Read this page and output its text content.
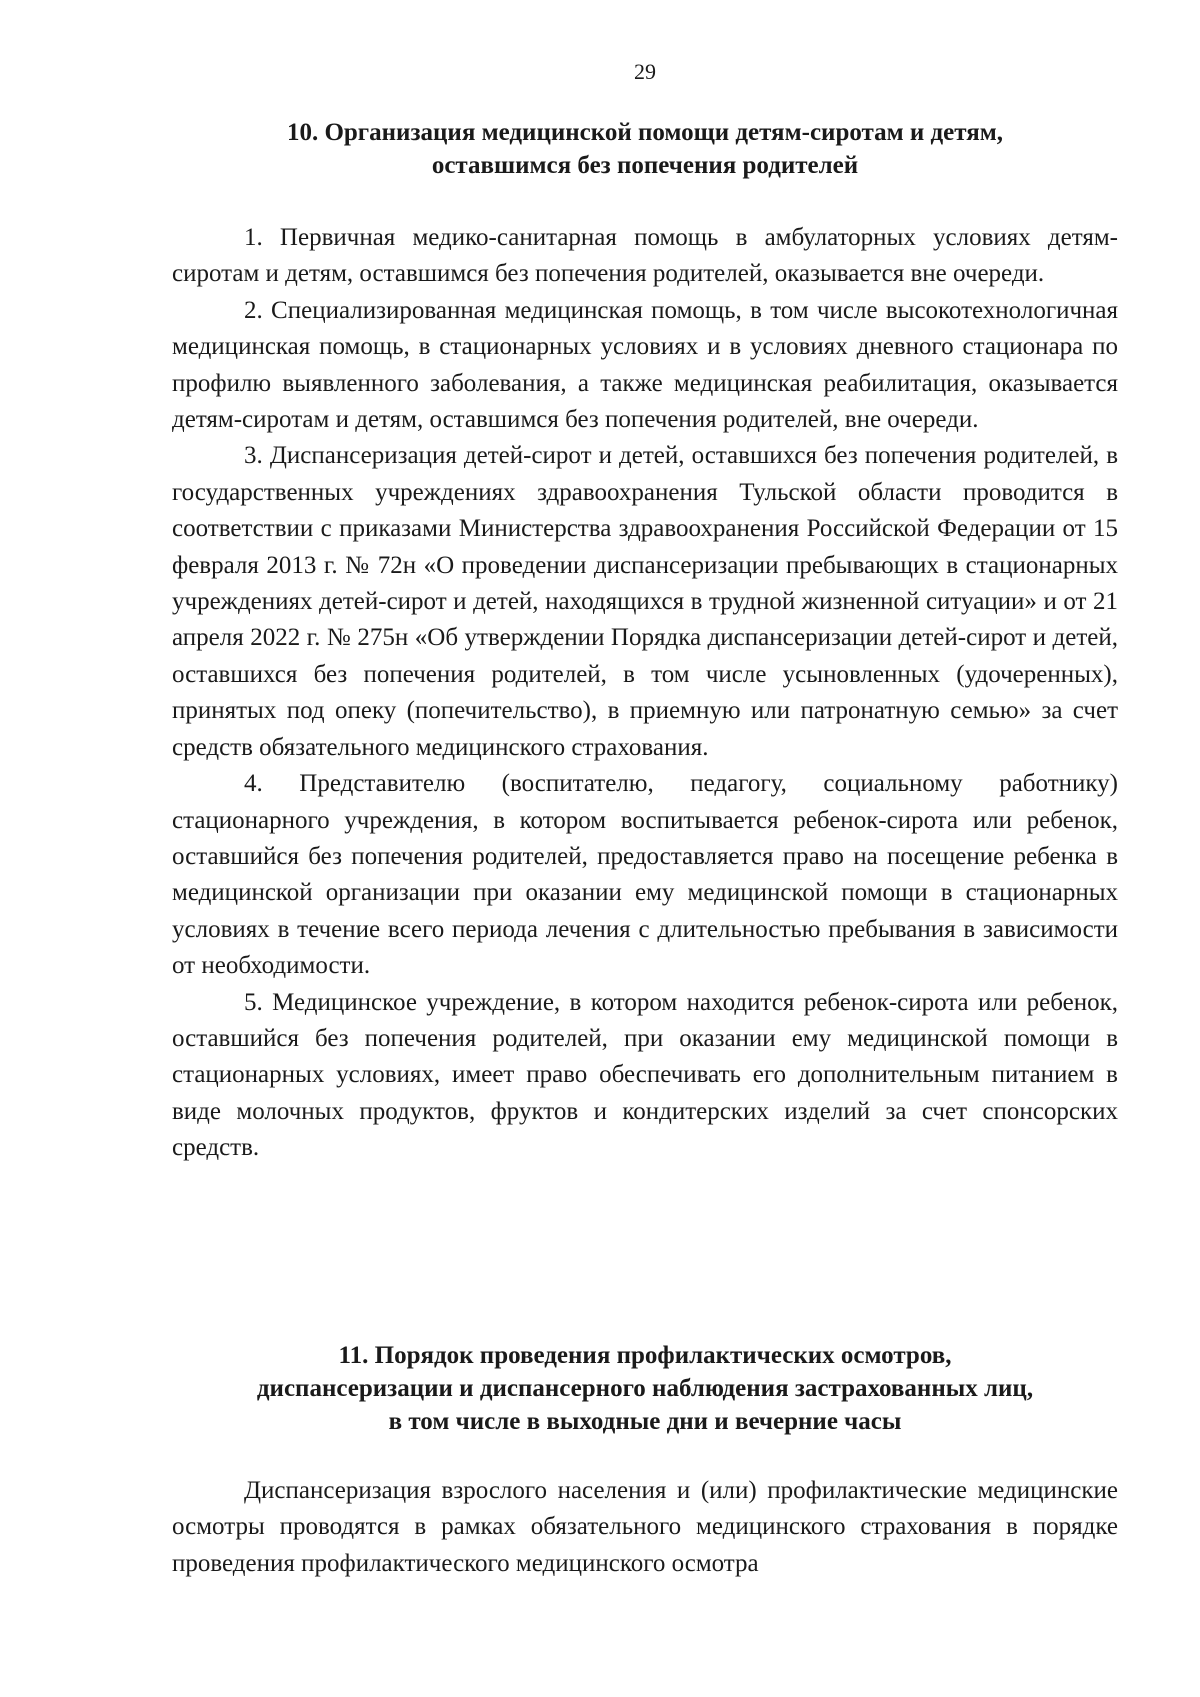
29
10. Организация медицинской помощи детям-сиротам и детям,
оставшимся без попечения родителей

1. Первичная медико-санитарная помощь в амбулаторных условиях детям-сиротам и детям, оставшимся без попечения родителей, оказывается вне очереди.

2. Специализированная медицинская помощь, в том числе высокотехнологичная медицинская помощь, в стационарных условиях и в условиях дневного стационара по профилю выявленного заболевания, а также медицинская реабилитация, оказывается детям-сиротам и детям, оставшимся без попечения родителей, вне очереди.

3. Диспансеризация детей-сирот и детей, оставшихся без попечения родителей, в государственных учреждениях здравоохранения Тульской области проводится в соответствии с приказами Министерства здравоохранения Российской Федерации от 15 февраля 2013 г. № 72н «О проведении диспансеризации пребывающих в стационарных учреждениях детей-сирот и детей, находящихся в трудной жизненной ситуации» и от 21 апреля 2022 г. № 275н «Об утверждении Порядка диспансеризации детей-сирот и детей, оставшихся без попечения родителей, в том числе усыновленных (удочеренных), принятых под опеку (попечительство), в приемную или патронатную семью» за счет средств обязательного медицинского страхования.

4. Представителю (воспитателю, педагогу, социальному работнику) стационарного учреждения, в котором воспитывается ребенок-сирота или ребенок, оставшийся без попечения родителей, предоставляется право на посещение ребенка в медицинской организации при оказании ему медицинской помощи в стационарных условиях в течение всего периода лечения с длительностью пребывания в зависимости от необходимости.

5. Медицинское учреждение, в котором находится ребенок-сирота или ребенок, оставшийся без попечения родителей, при оказании ему медицинской помощи в стационарных условиях, имеет право обеспечивать его дополнительным питанием в виде молочных продуктов, фруктов и кондитерских изделий за счет спонсорских средств.

11. Порядок проведения профилактических осмотров,
диспансеризации и диспансерного наблюдения застрахованных лиц,
в том числе в выходные дни и вечерние часы

Диспансеризация взрослого населения и (или) профилактические медицинские осмотры проводятся в рамках обязательного медицинского страхования в порядке проведения профилактического медицинского осмотра
